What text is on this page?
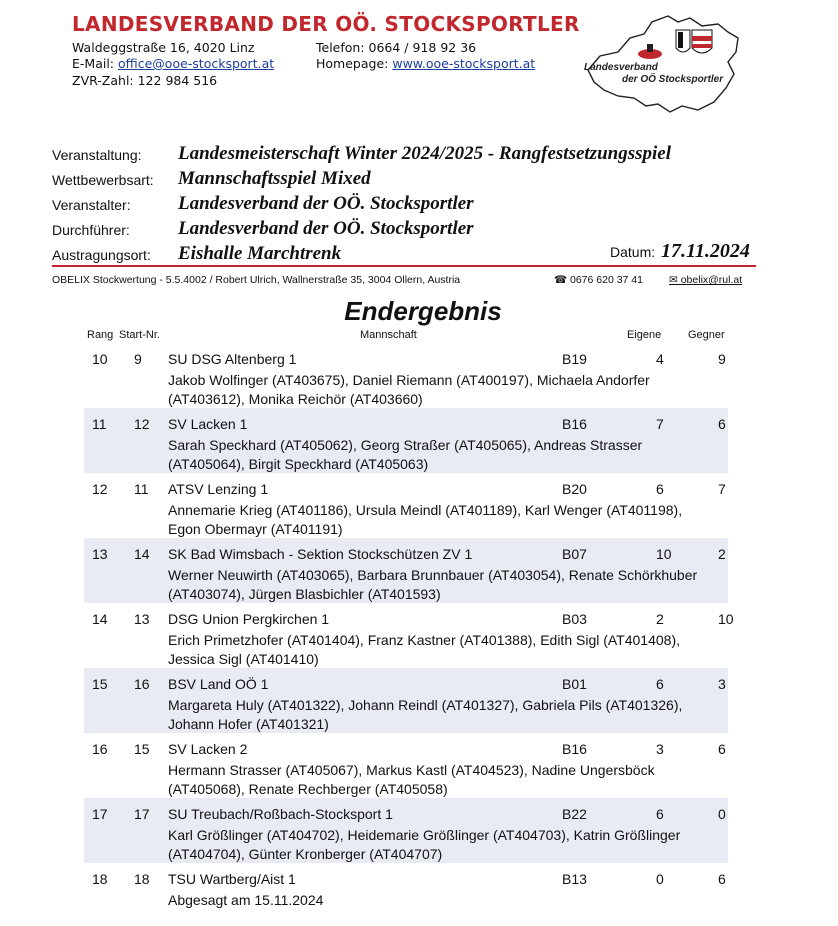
LANDESVERBAND DER OÖ. STOCKSPORTLER
Waldeggstraße 16, 4020 Linz	Telefon: 0664 / 918 92 36
E-Mail: office@ooe-stocksport.at	Homepage: www.ooe-stocksport.at
ZVR-Zahl: 122 984 516
Landesverband
der OÖ Stocksportler
Veranstaltung: Landesmeisterschaft Winter 2024/2025 - Rangfestsetzungsspiel
Wettbewerbsart: Mannschaftsspiel Mixed
Veranstalter: Landesverband der OÖ. Stocksportler
Durchführer:	Landesverband der OÖ. Stocksportler
Austragungsort: Eishalle Marchtrenk	Datum: 17.11.2024
OBELIX Stockwertung - 5.5.4002 / Robert Ulrich, Wallnerstraße 35, 3004 Ollern, Austria	☎ 0676 620 37 41 ✉ obelix@rul.at
Endergebnis
Rang Start-Nr.	Mannschaft	Eigene Gegner
10 9 SU DSG Altenberg 1	B19	4	9
Jakob Wolfinger (AT403675), Daniel Riemann (AT400197), Michaela Andorfer (AT403612), Monika Reichör (AT403660)
11 12 SV Lacken 1	B16	7	6
Sarah Speckhard (AT405062), Georg Straßer (AT405065), Andreas Strasser (AT405064), Birgit Speckhard (AT405063)
12 11 ATSV Lenzing 1	B20	6	7
Annemarie Krieg (AT401186), Ursula Meindl (AT401189), Karl Wenger (AT401198), Egon Obermayr (AT401191)
13 14 SK Bad Wimsbach - Sektion Stockschützen ZV 1	B07	10	2
Werner Neuwirth (AT403065), Barbara Brunnbauer (AT403054), Renate Schörkhuber (AT403074), Jürgen Blasbichler (AT401593)
14 13 DSG Union Pergkirchen 1	B03	2	10
Erich Primetzhofer (AT401404), Franz Kastner (AT401388), Edith Sigl (AT401408), Jessica Sigl (AT401410)
15 16 BSV Land OÖ 1	B01	6	3
Margareta Huly (AT401322), Johann Reindl (AT401327), Gabriela Pils (AT401326), Johann Hofer (AT401321)
16 15 SV Lacken 2	B16	3	6
Hermann Strasser (AT405067), Markus Kastl (AT404523), Nadine Ungersböck (AT405068), Renate Rechberger (AT405058)
17 17 SU Treubach/Roßbach-Stocksport 1	B22	6	0
Karl Größlinger (AT404702), Heidemarie Größlinger (AT404703), Katrin Größlinger (AT404704), Günter Kronberger (AT404707)
18 18 TSU Wartberg/Aist 1	B13	0	6
Abgesagt am 15.11.2024
